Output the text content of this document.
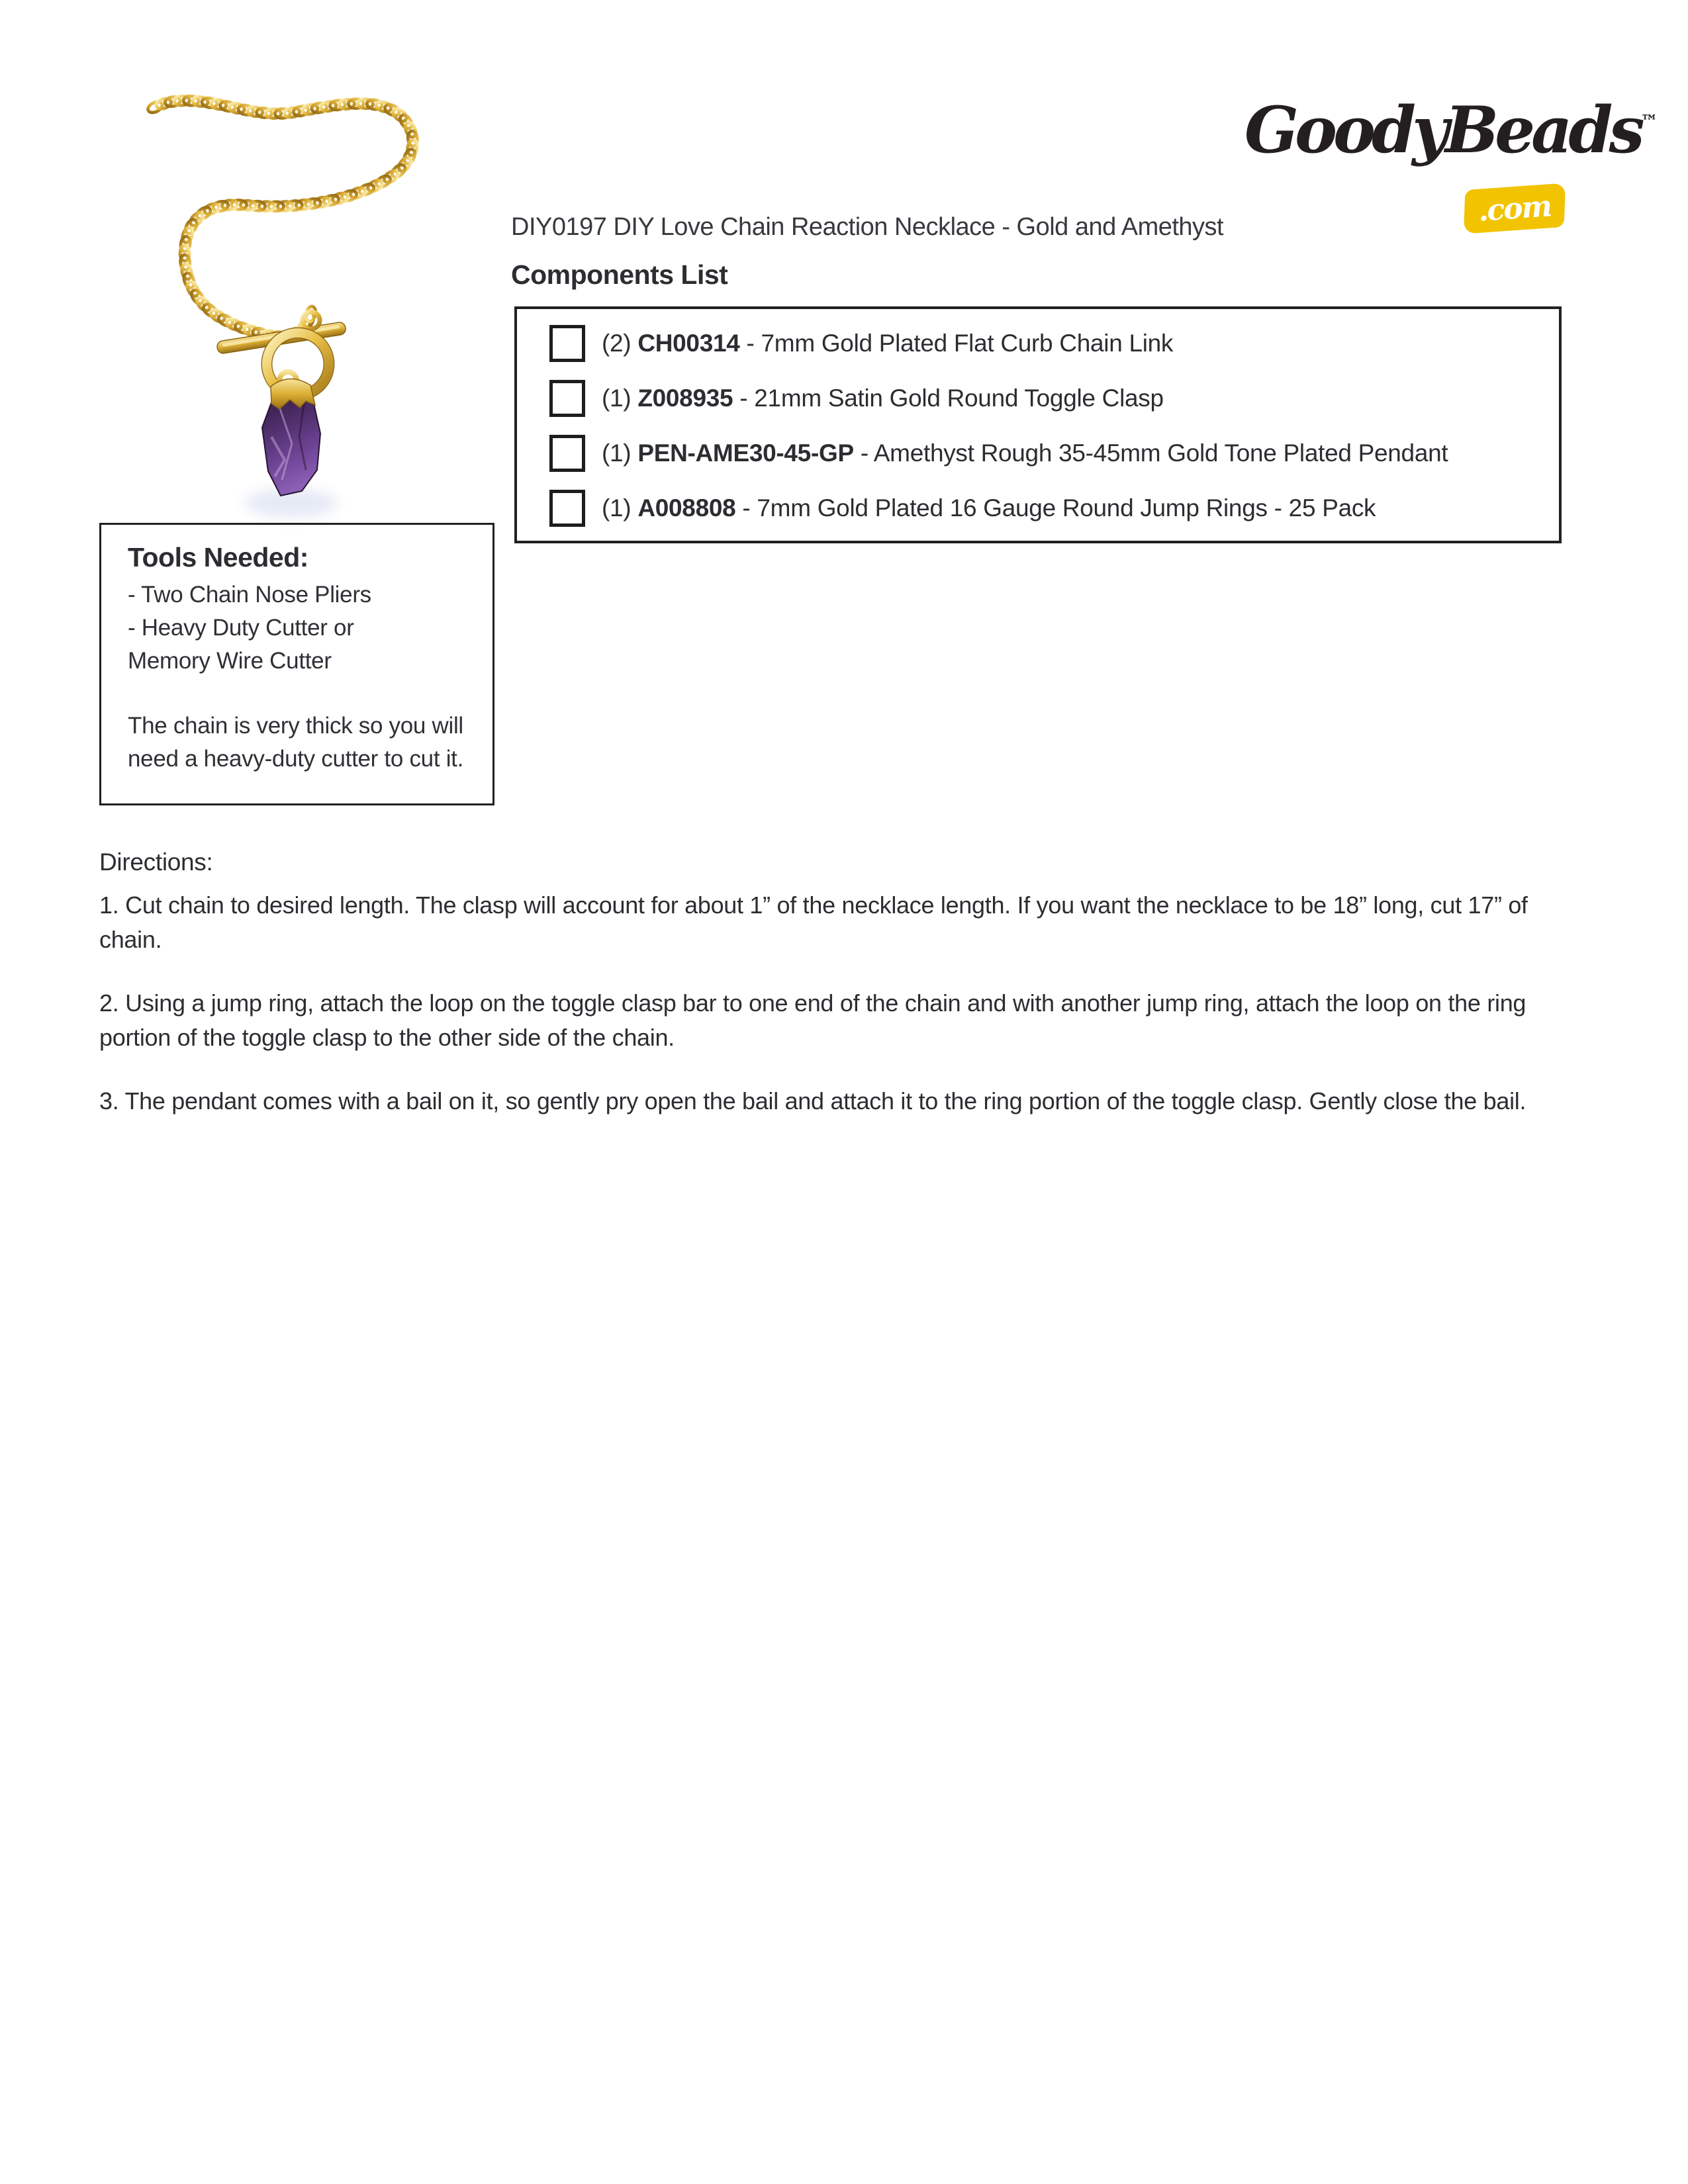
GoodyBeads™
.com
DIY0197 DIY Love Chain Reaction Necklace - Gold and Amethyst
Components List
(2) CH00314 - 7mm Gold Plated Flat Curb Chain Link
(1) Z008935 - 21mm Satin Gold Round Toggle Clasp
(1) PEN-AME30-45-GP - Amethyst Rough 35-45mm Gold Tone Plated Pendant
(1) A008808 - 7mm Gold Plated 16 Gauge Round Jump Rings - 25 Pack
Tools Needed:
- Two Chain Nose Pliers
- Heavy Duty Cutter or Memory Wire Cutter
The chain is very thick so you will need a heavy-duty cutter to cut it.

Directions:

1. Cut chain to desired length. The clasp will account for about 1” of the necklace length. If you want the necklace to be 18” long, cut 17” of chain.

2. Using a jump ring, attach the loop on the toggle clasp bar to one end of the chain and with another jump ring, attach the loop on the ring portion of the toggle clasp to the other side of the chain.

3. The pendant comes with a bail on it, so gently pry open the bail and attach it to the ring portion of the toggle clasp. Gently close the bail.
